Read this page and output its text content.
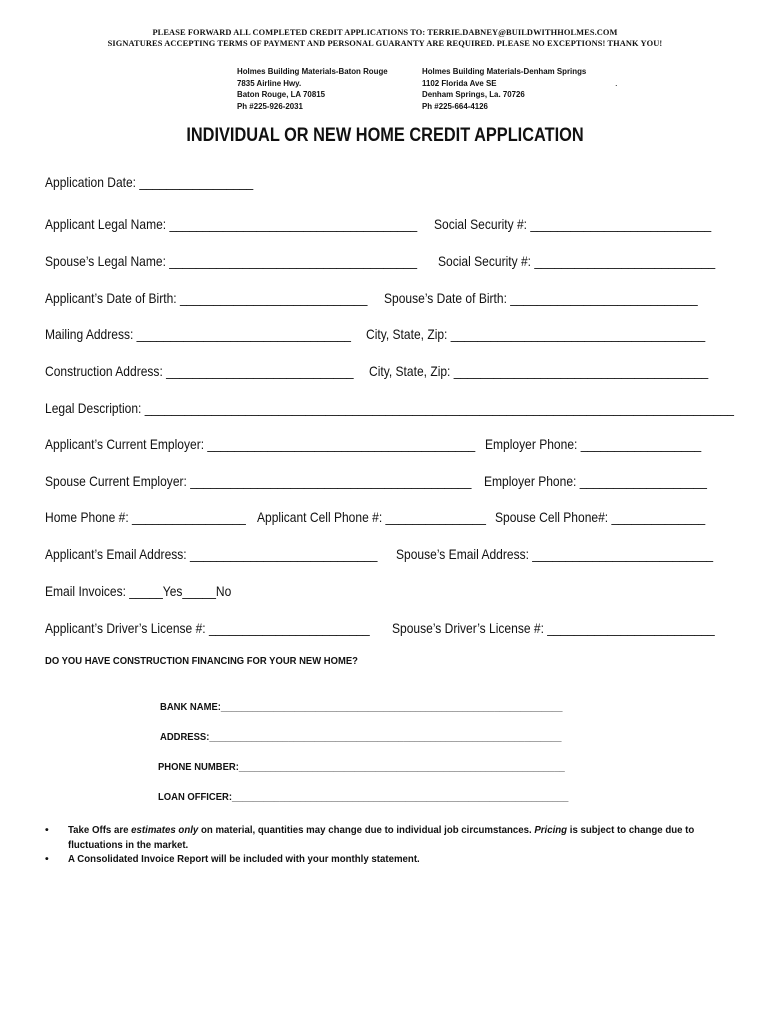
PLEASE FORWARD ALL COMPLETED CREDIT APPLICATIONS TO: TERRIE.DABNEY@BUILDWITHHOLMES.COM
SIGNATURES ACCEPTING TERMS OF PAYMENT AND PERSONAL GUARANTY ARE REQUIRED. PLEASE NO EXCEPTIONS! THANK YOU!
Holmes Building Materials-Baton Rouge
7835 Airline Hwy.
Baton Rouge, LA 70815
Ph #225-926-2031
Holmes Building Materials-Denham Springs
1102 Florida Ave SE
Denham Springs, La. 70726
Ph #225-664-4126
.
INDIVIDUAL OR NEW HOME CREDIT APPLICATION
Application Date: _________________
Applicant Legal Name: _____________________________________ Social Security #: ___________________________
Spouse’s Legal Name: _____________________________________ Social Security #: ___________________________
Applicant’s Date of Birth: ____________________________ Spouse’s Date of Birth: ____________________________
Mailing Address: ________________________________ City, State, Zip: ______________________________________
Construction Address: ____________________________ City, State, Zip: ______________________________________
Legal Description: ________________________________________________________________________________________
Applicant’s Current Employer: ________________________________________ Employer Phone: __________________
Spouse Current Employer: __________________________________________ Employer Phone: ___________________
Home Phone #: _________________ Applicant Cell Phone #: _______________ Spouse Cell Phone#: ______________
Applicant’s Email Address: ____________________________ Spouse’s Email Address: ___________________________
Email Invoices: _____Yes_____No
Applicant’s Driver’s License #: ________________________ Spouse’s Driver’s License #: _________________________
DO YOU HAVE CONSTRUCTION FINANCING FOR YOUR NEW HOME?
BANK NAME:_________________________________________________________________
ADDRESS:___________________________________________________________________
PHONE NUMBER:______________________________________________________________
LOAN OFFICER:________________________________________________________________
• Take Offs are estimates only on material, quantities may change due to individual job circumstances. Pricing is subject to change due to fluctuations in the market.
• A Consolidated Invoice Report will be included with your monthly statement.
